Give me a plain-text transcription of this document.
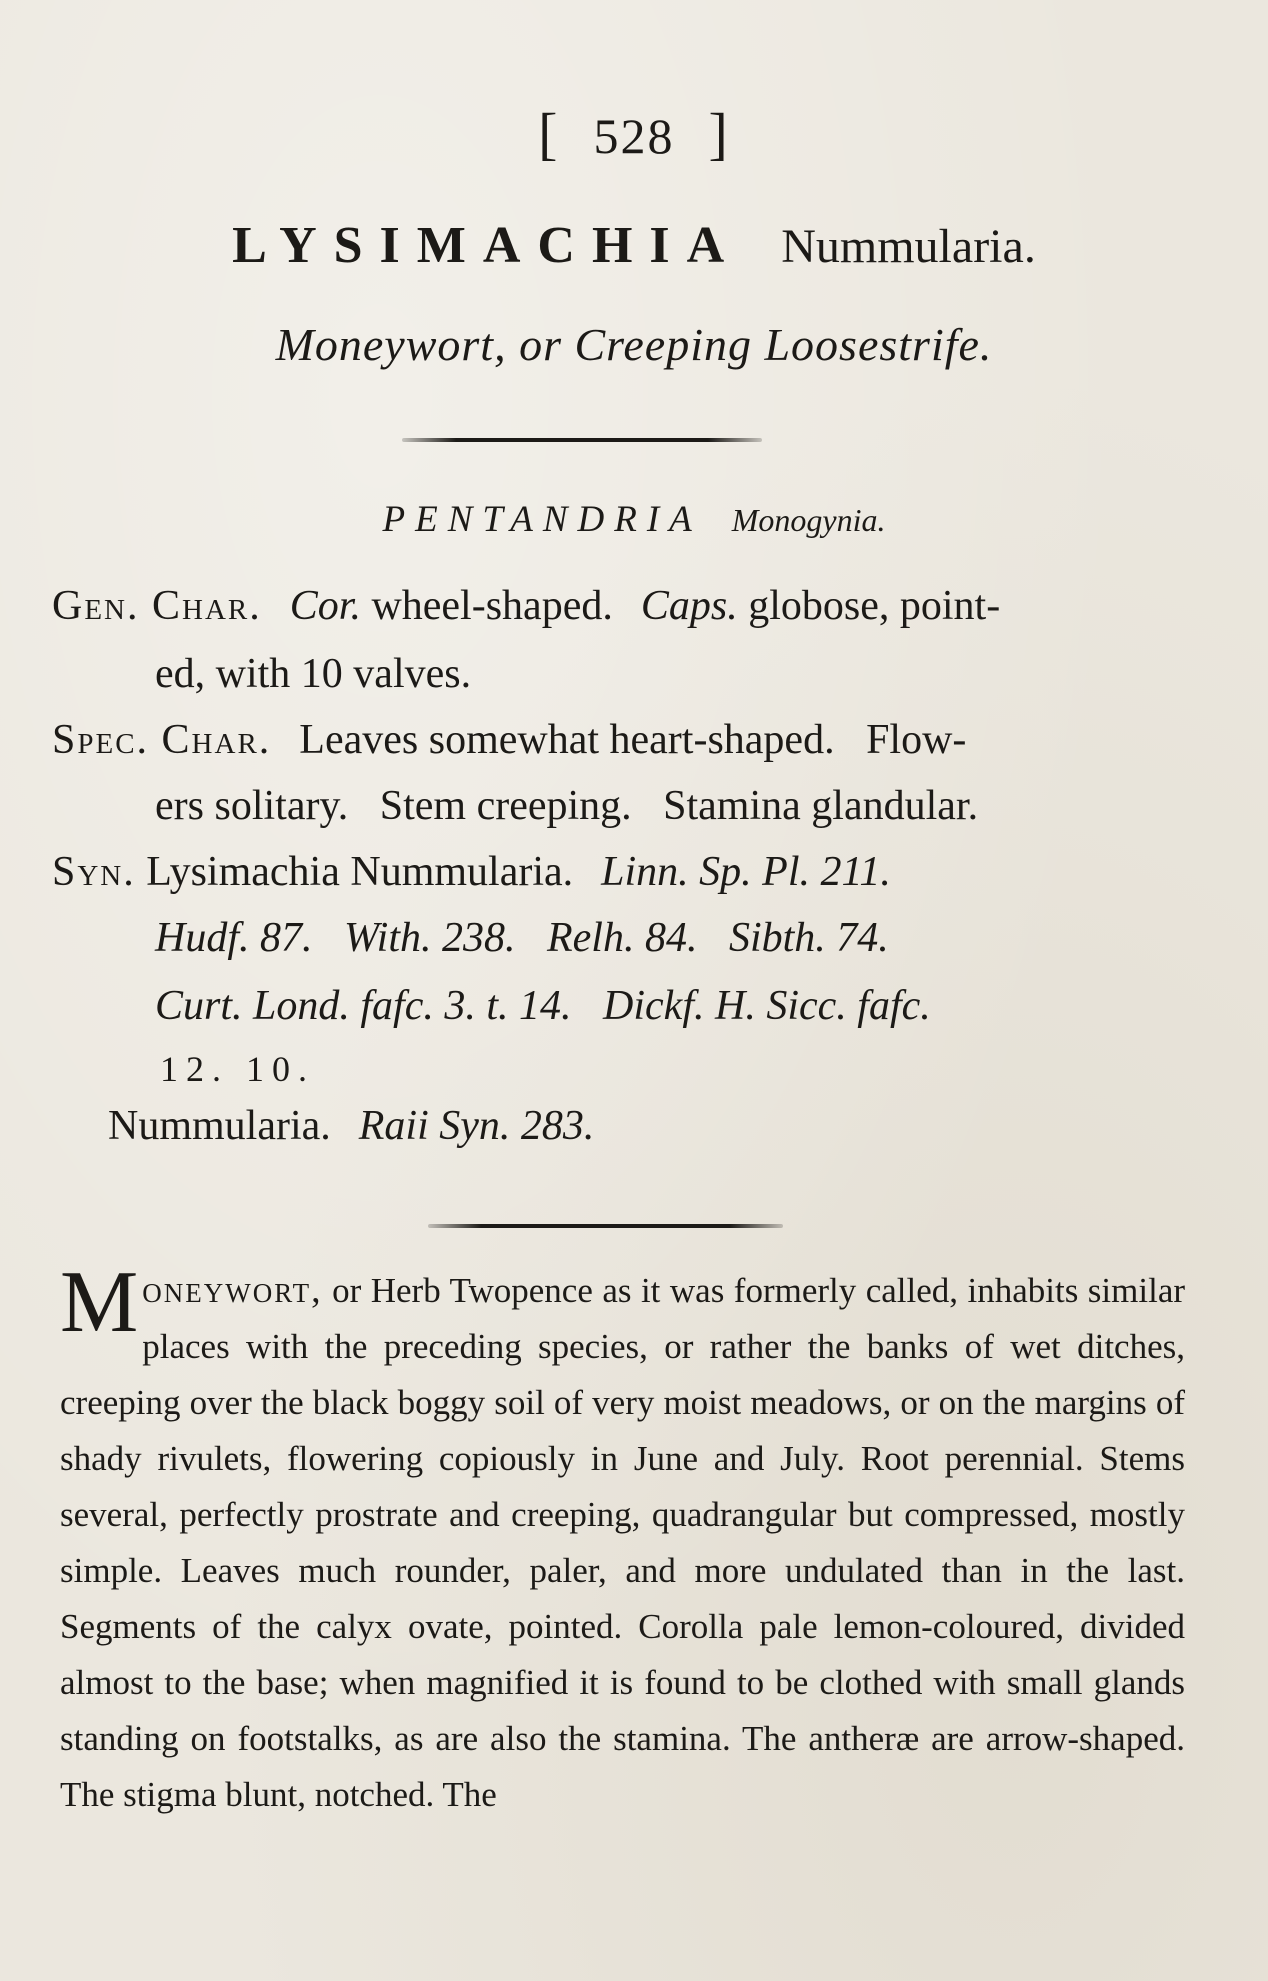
[ 528 ]
LYSIMACHIA Nummularia.
Moneywort, or Creeping Loosestrife.
PENTANDRIA Monogynia.
Gen. Char. Cor. wheel-shaped. Caps. globose, point-
ed, with 10 valves.
Spec. Char. Leaves somewhat heart-shaped.   Flow-
ers solitary.   Stem creeping.   Stamina glandular.
Syn. Lysimachia Nummularia. Linn. Sp. Pl. 211.
Hudf. 87.   With. 238.   Relh. 84.   Sibth. 74.
Curt. Lond. fafc. 3. t. 14.   Dickf. H. Sicc. fafc.
12. 10.
Nummularia. Raii Syn. 283.
Moneywort, or Herb Twopence as it was formerly called, inhabits similar places with the preceding species, or rather the banks of wet ditches, creeping over the black boggy soil of very moist meadows, or on the margins of shady rivulets, flowering copiously in June and July. Root perennial. Stems several, perfectly prostrate and creeping, quadrangular but compressed, mostly simple. Leaves much rounder, paler, and more undulated than in the last. Segments of the calyx ovate, pointed. Corolla pale lemon-coloured, divided almost to the base; when magnified it is found to be clothed with small glands standing on footstalks, as are also the stamina. The antheræ are arrow-shaped. The stigma blunt, notched. The
